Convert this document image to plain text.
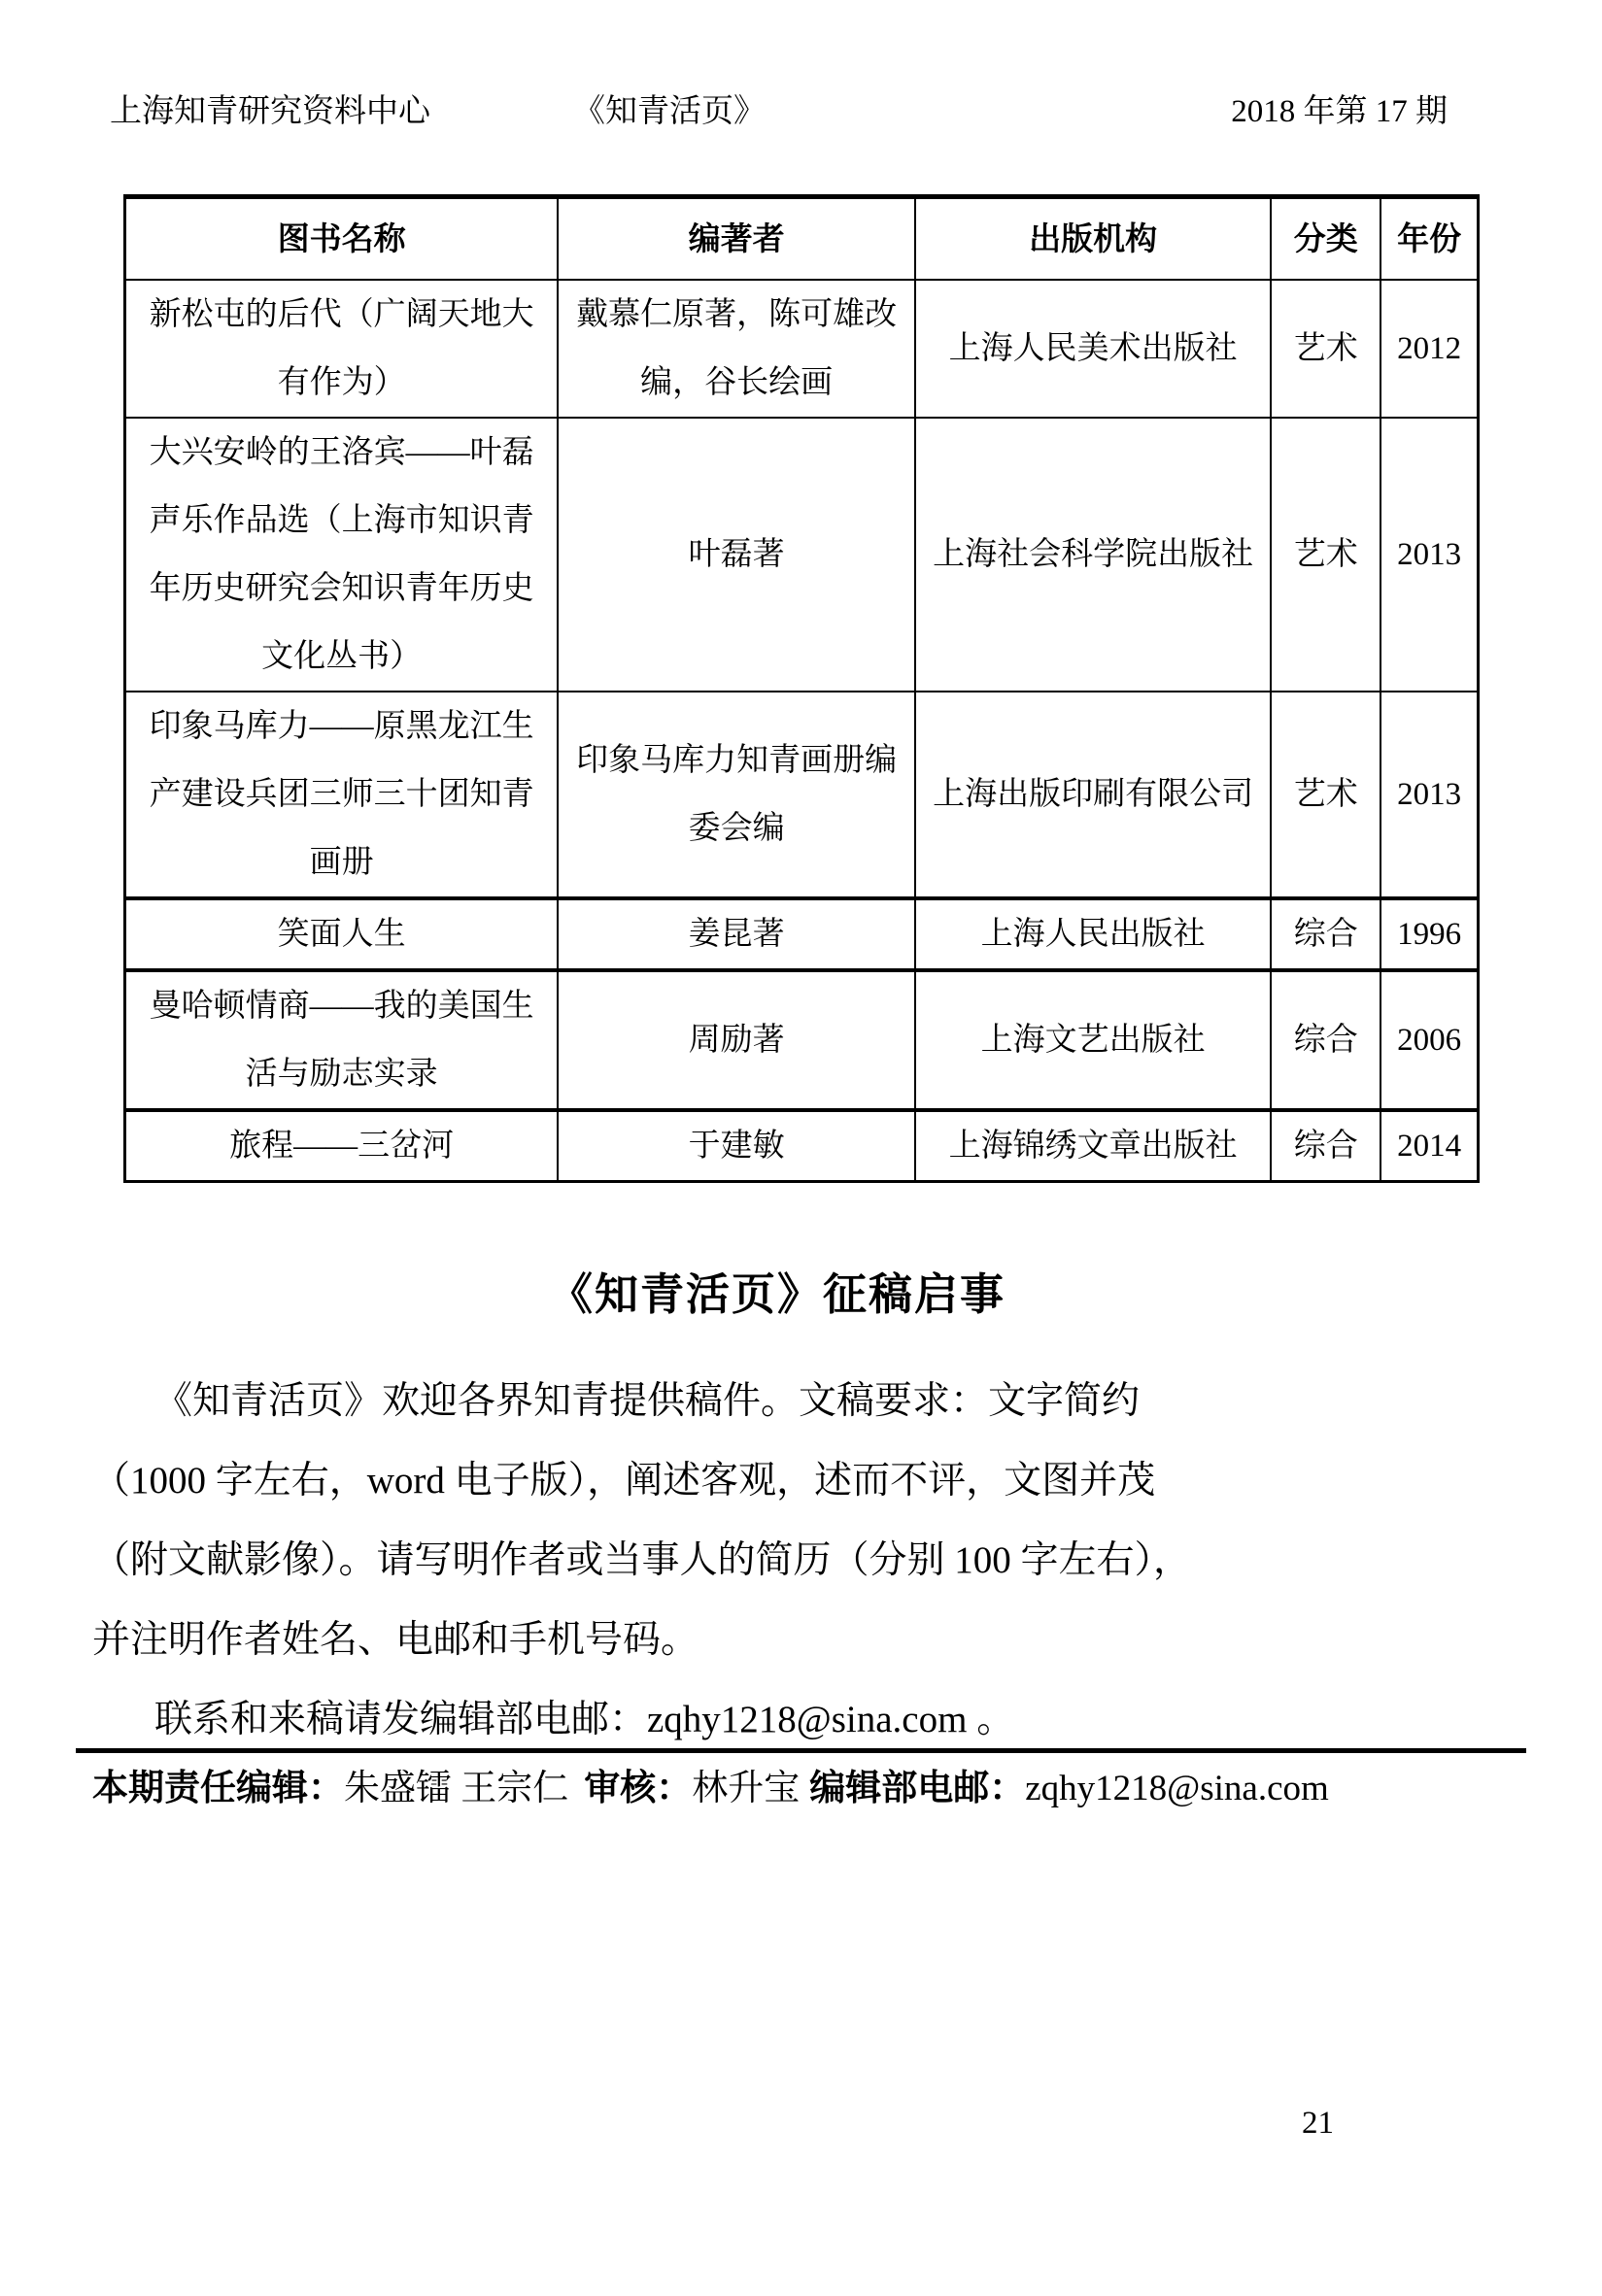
上海知青研究资料中心	《知青活页》	2018 年第 17 期
图书名称	编著者	出版机构	分类	年份
新松屯的后代（广阔天地大有作为）	戴慕仁原著，陈可雄改编，谷长绘画	上海人民美术出版社	艺术	2012
大兴安岭的王洛宾——叶磊声乐作品选（上海市知识青年历史研究会知识青年历史文化丛书）	叶磊著	上海社会科学院出版社	艺术	2013
印象马库力——原黑龙江生产建设兵团三师三十团知青画册	印象马库力知青画册编委会编	上海出版印刷有限公司	艺术	2013
笑面人生	姜昆著	上海人民出版社	综合	1996
曼哈顿情商——我的美国生活与励志实录	周励著	上海文艺出版社	综合	2006
旅程——三岔河	于建敏	上海锦绣文章出版社	综合	2014
《知青活页》征稿启事
《知青活页》欢迎各界知青提供稿件。文稿要求：文字简约
（1000 字左右，word 电子版），阐述客观，述而不评，文图并茂
（附文献影像）。请写明作者或当事人的简历（分别 100 字左右），
并注明作者姓名、电邮和手机号码。
联系和来稿请发编辑部电邮：zqhy1218@sina.com 。
本期责任编辑：朱盛镭 王宗仁 审核：林升宝 编辑部电邮：zqhy1218@sina.com
21
